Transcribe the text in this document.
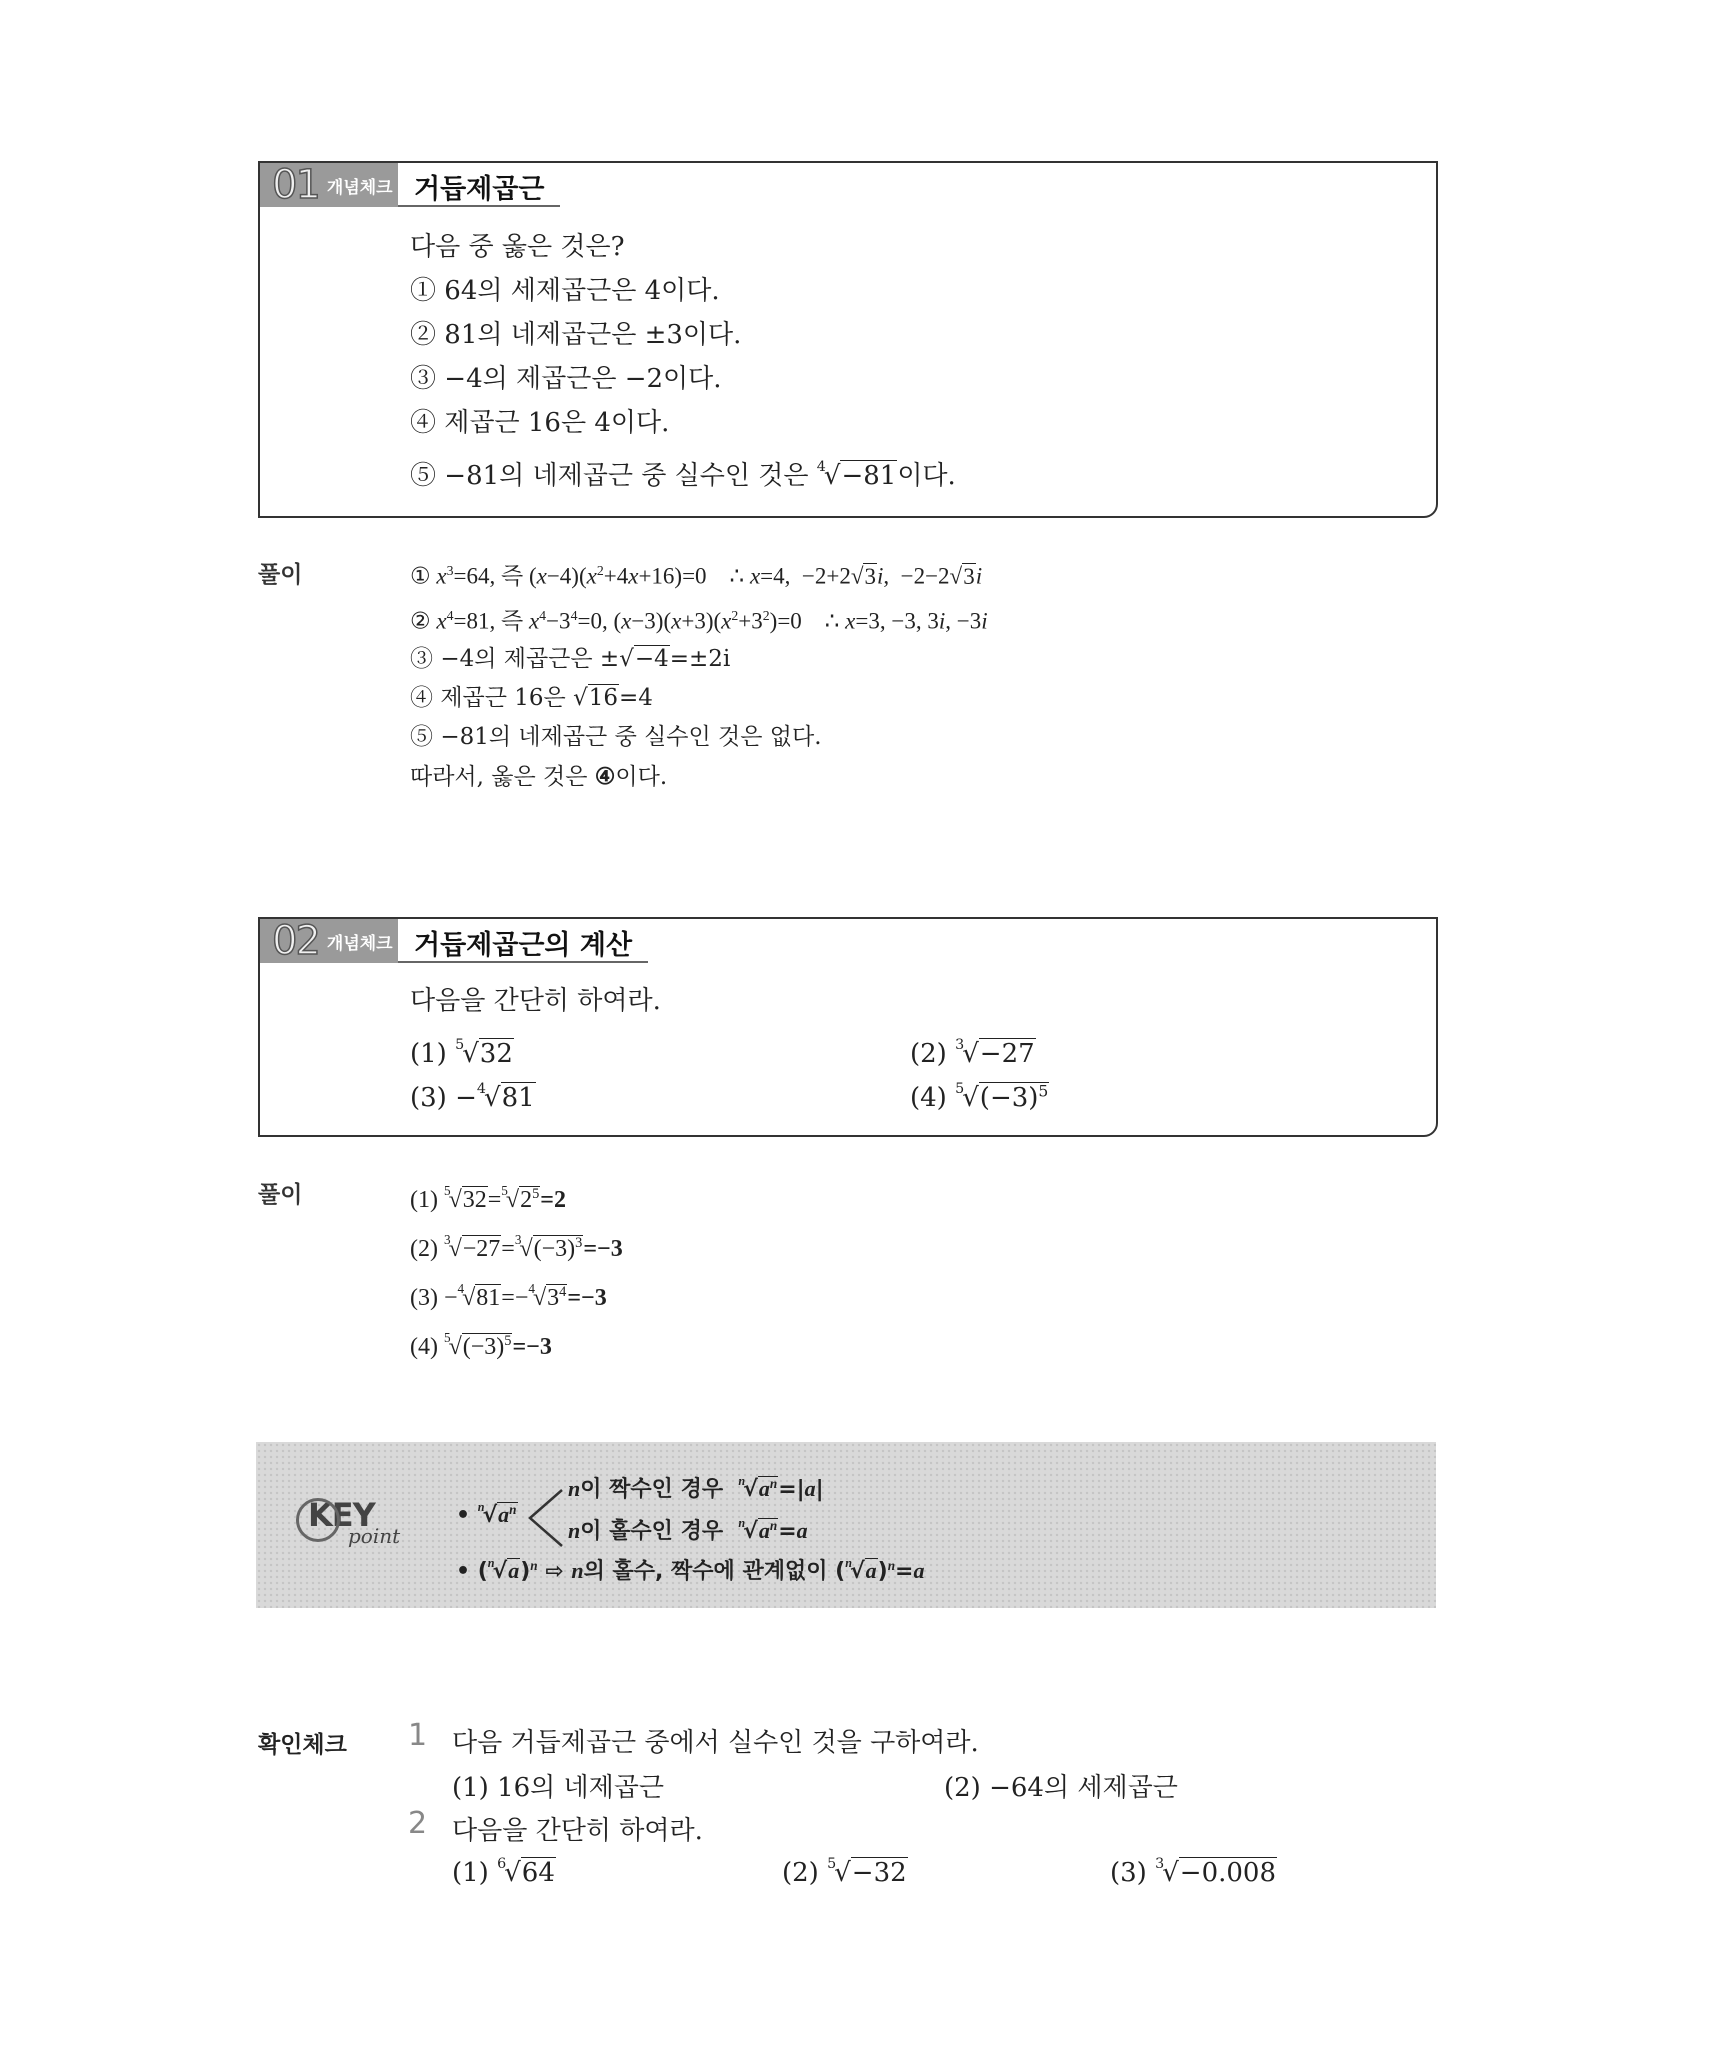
01 개념체크 거듭제곱근
다음 중 옳은 것은?
① 64의 세제곱근은 4이다.
② 81의 네제곱근은 ±3이다.
③ −4의 제곱근은 −2이다.
④ 제곱근 16은 4이다.
⑤ −81의 네제곱근 중 실수인 것은 $^4$√−81이다.
풀이	① $x^3=64$, 즉 $(x-4)(x^2+4x+16)=0$    ∴ x=4,  −2+2√3i,  −2−2√3i
② $x^4=81$, 즉 $x^4-3^4=0$, $(x-3)(x+3)(x^2+3^2)=0$    ∴ x=3, −3, 3i, −3i
③ −4의 제곱근은 ±√−4=±2i
④ 제곱근 16은 √16=4
⑤ −81의 네제곱근 중 실수인 것은 없다.
따라서, 옳은 것은 ④이다.
02 개념체크 거듭제곱근의 계산
다음을 간단히 하여라.
(1) $^5$√32	(2) $^3$√−27
(3) −$^4$√81	(4) $^5√(-3)^5$
풀이	(1) $^5√32=^5√2^5=2$
(2) $^3√-27=^3√(-3)^3=-3$
$(3) -^4√81=-^4√3^4=-3$
(4) $^5√(-3)^5=-3$
KEY
point
• $^n√a^n$
n이 짝수인 경우 $^n√a^n=|a|$
n이 홀수인 경우 $^n√a^n=a$
• $(^n√a)^n$ ⇨ n의 홀수, 짝수에 관계없이 $(^n√a)^n=a$
확인체크 1 다음 거듭제곱근 중에서 실수인 것을 구하여라.
(1) 16의 네제곱근	(2) −64의 세제곱근
2 다음을 간단히 하여라.
(1) $^6$√64	(2) $^5$√−32	(3) $^3$√−0.008
